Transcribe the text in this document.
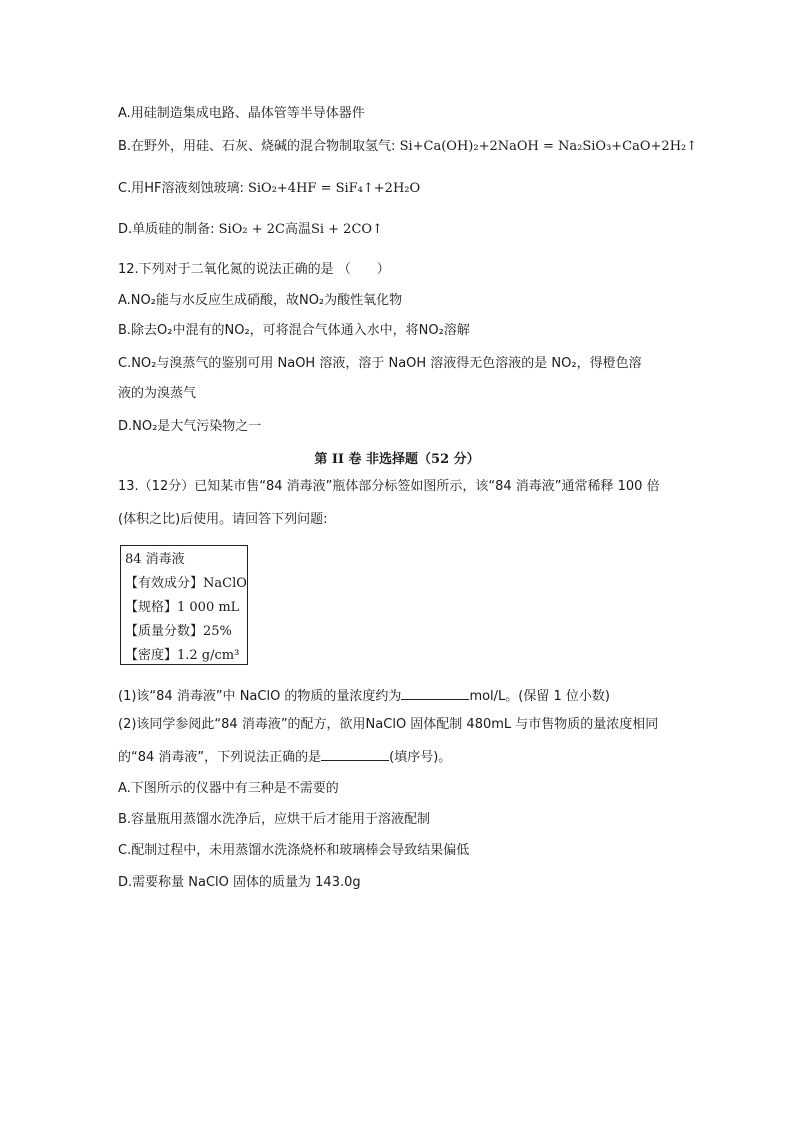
A.用硅制造集成电路、晶体管等半导体器件
B.在野外，用硅、石灰、烧碱的混合物制取氢气: Si+Ca(OH)₂+2NaOH = Na₂SiO₃+CaO+2H₂↑
C.用HF溶液刻蚀玻璃: SiO₂+4HF = SiF₄↑+2H₂O
D.单质硅的制备: SiO₂ + 2C高温Si + 2CO↑
12.下列对于二氧化氮的说法正确的是 （　　）
A.NO₂能与水反应生成硝酸，故NO₂为酸性氧化物
B.除去O₂中混有的NO₂，可将混合气体通入水中，将NO₂溶解
C.NO₂与溴蒸气的鉴别可用 NaOH 溶液，溶于 NaOH 溶液得无色溶液的是 NO₂，得橙色溶
液的为溴蒸气
D.NO₂是大气污染物之一
第 II 卷 非选择题（52 分）
13.（12分）已知某市售“84 消毒液”瓶体部分标签如图所示，该“84 消毒液”通常稀释 100 倍
(体积之比)后使用。请回答下列问题:
84 消毒液
【有效成分】NaClO
【规格】1 000 mL
【质量分数】25%
【密度】1.2 g/cm³
(1)该“84 消毒液”中 NaClO 的物质的量浓度约为	mol/L。(保留 1 位小数)
(2)该同学参阅此“84 消毒液”的配方，欲用NaClO 固体配制 480mL 与市售物质的量浓度相同
的“84 消毒液”，下列说法正确的是	(填序号)。
A.下图所示的仪器中有三种是不需要的
B.容量瓶用蒸馏水洗净后，应烘干后才能用于溶液配制
C.配制过程中，未用蒸馏水洗涤烧杯和玻璃棒会导致结果偏低
D.需要称量 NaClO 固体的质量为 143.0g
